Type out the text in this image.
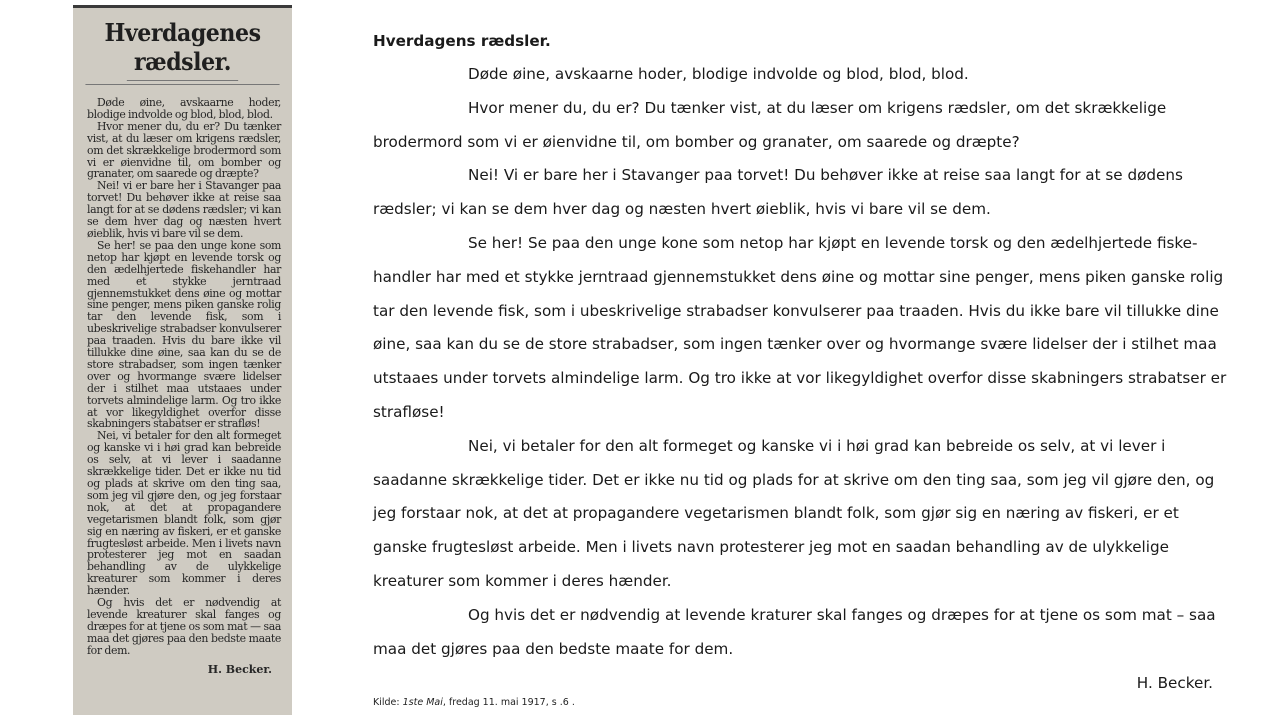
Hverdagenes rædsler.

Døde øine, avskaarne hoder, blodige indvolde og blod, blod, blod.

Hvor mener du, du er? Du tænker vist, at du læser om krigens rædsler, om det skrækkelige brodermord som vi er øienvidne til, om bomber og granater, om saarede og dræpte?

Nei! vi er bare her i Stavanger paa torvet! Du behøver ikke at reise saa langt for at se dødens rædsler; vi kan se dem hver dag og næsten hvert øieblik, hvis vi bare vil se dem.

Se her! se paa den unge kone som netop har kjøpt en levende torsk og den ædelhjertede fiskehandler har med et stykke jerntraad gjennemstukket dens øine og mottar sine penger, mens piken ganske rolig tar den levende fisk, som i ubeskrivelige strabadser konvulserer paa traaden. Hvis du bare ikke vil tillukke dine øine, saa kan du se de store strabadser, som ingen tænker over og hvormange svære lidelser der i stilhet maa utstaaes under torvets almindelige larm. Og tro ikke at vor likegyldighet overfor disse skabningers stabatser er strafløs!

Nei, vi betaler for den alt formeget og kanske vi i høi grad kan bebreide os selv, at vi lever i saadanne skrækkelige tider. Det er ikke nu tid og plads at skrive om den ting saa, som jeg vil gjøre den, og jeg forstaar nok, at det at propagandere vegetarismen blandt folk, som gjør sig en næring av fiskeri, er et ganske frugtesløst arbeide. Men i livets navn protesterer jeg mot en saadan behandling av de ulykkelige kreaturer som kommer i deres hænder.

Og hvis det er nødvendig at levende kreaturer skal fanges og dræpes for at tjene os som mat — saa maa det gjøres paa den bedste maate for dem.

H. Becker.

Hverdagens rædsler.

Døde øine, avskaarne hoder, blodige indvolde og blod, blod, blod.

Hvor mener du, du er? Du tænker vist, at du læser om krigens rædsler, om det skrækkelige brodermord som vi er øienvidne til, om bomber og granater, om saarede og dræpte?

Nei! Vi er bare her i Stavanger paa torvet! Du behøver ikke at reise saa langt for at se dødens rædsler; vi kan se dem hver dag og næsten hvert øieblik, hvis vi bare vil se dem.

Se her! Se paa den unge kone som netop har kjøpt en levende torsk og den ædelhjertede fiske-handler har med et stykke jerntraad gjennemstukket dens øine og mottar sine penger, mens piken ganske rolig tar den levende fisk, som i ubeskrivelige strabadser konvulserer paa traaden. Hvis du ikke bare vil tillukke dine øine, saa kan du se de store strabadser, som ingen tænker over og hvormange svære lidelser der i stilhet maa utstaaes under torvets almindelige larm. Og tro ikke at vor likegyldighet overfor disse skabningers strabatser er strafløse!

Nei, vi betaler for den alt formeget og kanske vi i høi grad kan bebreide os selv, at vi lever i saadanne skrækkelige tider. Det er ikke nu tid og plads for at skrive om den ting saa, som jeg vil gjøre den, og jeg forstaar nok, at det at propagandere vegetarismen blandt folk, som gjør sig en næring av fiskeri, er et ganske frugtesløst arbeide. Men i livets navn protesterer jeg mot en saadan behandling av de ulykkelige kreaturer som kommer i deres hænder.

Og hvis det er nødvendig at levende kraturer skal fanges og dræpes for at tjene os som mat – saa maa det gjøres paa den bedste maate for dem.

H. Becker.

Kilde: 1ste Mai, fredag 11. mai 1917, s .6 .
